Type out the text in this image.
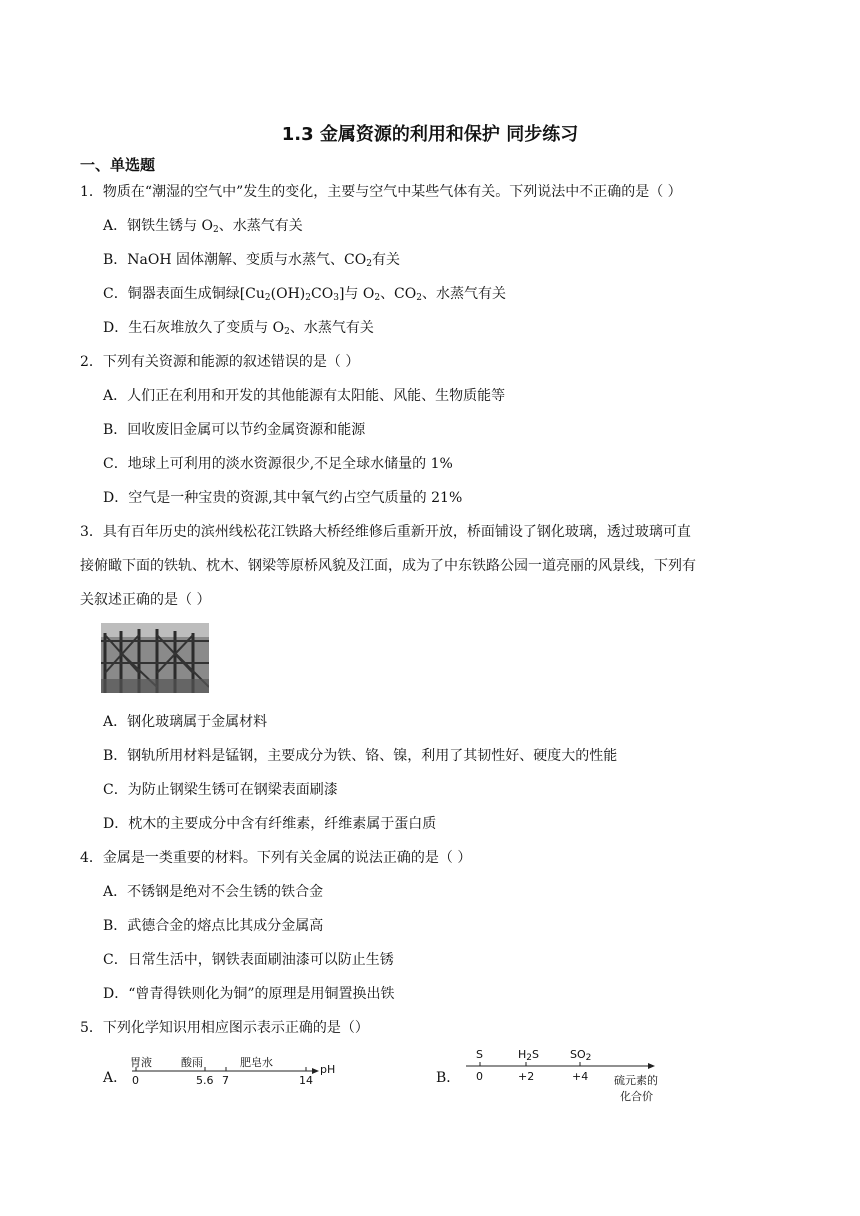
1.3 金属资源的利用和保护 同步练习
一、单选题
1．物质在“潮湿的空气中”发生的变化，主要与空气中某些气体有关。下列说法中不正确的是（ ）
A．钢铁生锈与 $O_2$、水蒸气有关
B．NaOH 固体潮解、变质与水蒸气、$CO_2$有关
C．铜器表面生成铜绿$[Cu_2(OH)_2CO_3]$与 $O_2$、$CO_2$、水蒸气有关
D．生石灰堆放久了变质与 $O_2$、水蒸气有关
2．下列有关资源和能源的叙述错误的是（ ）
A．人们正在利用和开发的其他能源有太阳能、风能、生物质能等
B．回收废旧金属可以节约金属资源和能源
C．地球上可利用的淡水资源很少,不足全球水储量的 1%
D．空气是一种宝贵的资源,其中氧气约占空气质量的 21%
3．具有百年历史的滨州线松花江铁路大桥经维修后重新开放，桥面铺设了钢化玻璃，透过玻璃可直
接俯瞰下面的铁轨、枕木、钢梁等原桥风貌及江面，成为了中东铁路公园一道亮丽的风景线，下列有
关叙述正确的是（ ）
A．钢化玻璃属于金属材料
B．钢轨所用材料是锰钢，主要成分为铁、铬、镍，利用了其韧性好、硬度大的性能
C．为防止钢梁生锈可在钢梁表面刷漆
D．枕木的主要成分中含有纤维素，纤维素属于蛋白质
4．金属是一类重要的材料。下列有关金属的说法正确的是（ ）
A．不锈钢是绝对不会生锈的铁合金
B．武德合金的熔点比其成分金属高
C．日常生活中，钢铁表面刷油漆可以防止生锈
D．“曾青得铁则化为铜”的原理是用铜置换出铁
5．下列化学知识用相应图示表示正确的是（）
A．
胃液	酸雨	肥皂水
0	5.6 7	14
pH
B．
S	$H_2S$	$SO_2$
0	+2	+4 硫元素的
化合价
